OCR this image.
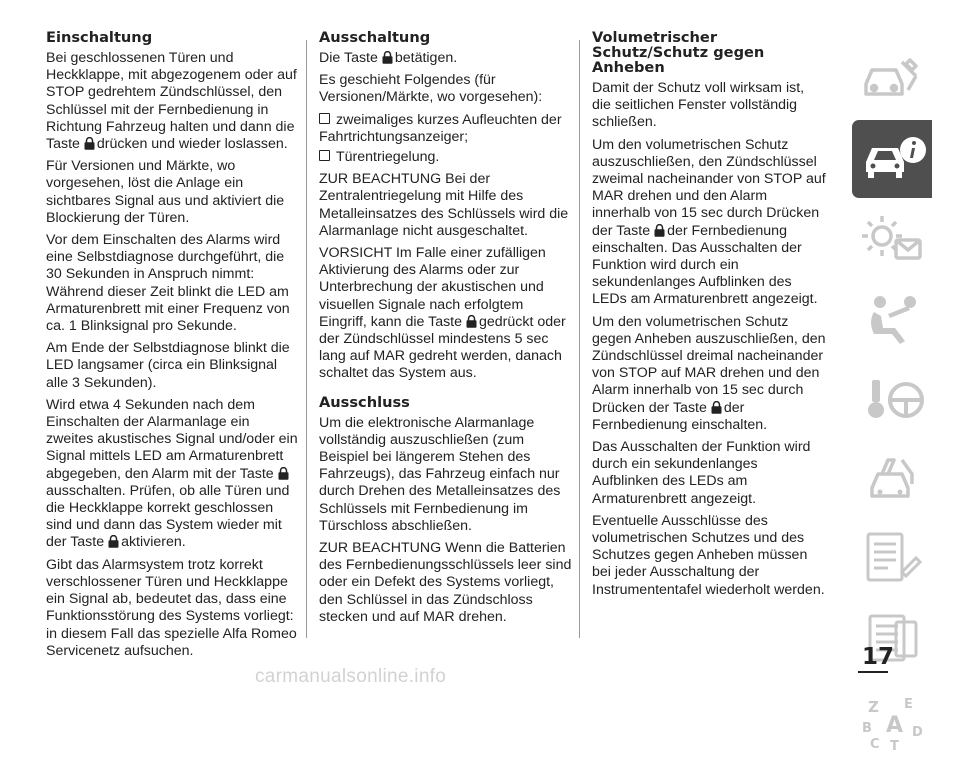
Einschaltung

Bei geschlossenen Türen und Heckklappe, mit abgezogenem oder auf STOP gedrehtem Zündschlüssel, den Schlüssel mit der Fernbedienung in Richtung Fahrzeug halten und dann die Taste drücken und wieder loslassen.

Für Versionen und Märkte, wo vorgesehen, löst die Anlage ein sichtbares Signal aus und aktiviert die Blockierung der Türen.

Vor dem Einschalten des Alarms wird eine Selbstdiagnose durchgeführt, die 30 Sekunden in Anspruch nimmt: Während dieser Zeit blinkt die LED am Armaturenbrett mit einer Frequenz von ca. 1 Blinksignal pro Sekunde.

Am Ende der Selbstdiagnose blinkt die LED langsamer (circa ein Blinksignal alle 3 Sekunden).

Wird etwa 4 Sekunden nach dem Einschalten der Alarmanlage ein zweites akustisches Signal und/oder ein Signal mittels LED am Armaturenbrett abgegeben, den Alarm mit der Taste ausschalten. Prüfen, ob alle Türen und die Heckklappe korrekt geschlossen sind und dann das System wieder mit der Taste aktivieren.

Gibt das Alarmsystem trotz korrekt verschlossener Türen und Heckklappe ein Signal ab, bedeutet das, dass eine Funktionsstörung des Systems vorliegt: in diesem Fall das spezielle Alfa Romeo Servicenetz aufsuchen.

Ausschaltung

Die Taste betätigen.

Es geschieht Folgendes (für Versionen/Märkte, wo vorgesehen):

zweimaliges kurzes Aufleuchten der Fahrtrichtungsanzeiger;

Türentriegelung.

ZUR BEACHTUNG Bei der Zentralentriegelung mit Hilfe des Metalleinsatzes des Schlüssels wird die Alarmanlage nicht ausgeschaltet.

VORSICHT Im Falle einer zufälligen Aktivierung des Alarms oder zur Unterbrechung der akustischen und visuellen Signale nach erfolgtem Eingriff, kann die Taste gedrückt oder der Zündschlüssel mindestens 5 sec lang auf MAR gedreht werden, danach schaltet das System aus.

Ausschluss

Um die elektronische Alarmanlage vollständig auszuschließen (zum Beispiel bei längerem Stehen des Fahrzeugs), das Fahrzeug einfach nur durch Drehen des Metalleinsatzes des Schlüssels mit Fernbedienung im Türschloss abschließen.

ZUR BEACHTUNG Wenn die Batterien des Fernbedienungsschlüssels leer sind oder ein Defekt des Systems vorliegt, den Schlüssel in das Zündschloss stecken und auf MAR drehen.

Volumetrischer Schutz/Schutz gegen Anheben

Damit der Schutz voll wirksam ist, die seitlichen Fenster vollständig schließen.

Um den volumetrischen Schutz auszuschließen, den Zündschlüssel zweimal nacheinander von STOP auf MAR drehen und den Alarm innerhalb von 15 sec durch Drücken der Taste der Fernbedienung einschalten. Das Ausschalten der Funktion wird durch ein sekundenlanges Aufblinken des LEDs am Armaturenbrett angezeigt.

Um den volumetrischen Schutz gegen Anheben auszuschließen, den Zündschlüssel dreimal nacheinander von STOP auf MAR drehen und den Alarm innerhalb von 15 sec durch Drücken der Taste der Fernbedienung einschalten.

Das Ausschalten der Funktion wird durch ein sekundenlanges Aufblinken des LEDs am Armaturenbrett angezeigt.

Eventuelle Ausschlüsse des volumetrischen Schutzes und des Schutzes gegen Anheben müssen bei jeder Ausschaltung der Instrumententafel wiederholt werden.

Z E
B A
C T
D
17
carmanualsonline.info
